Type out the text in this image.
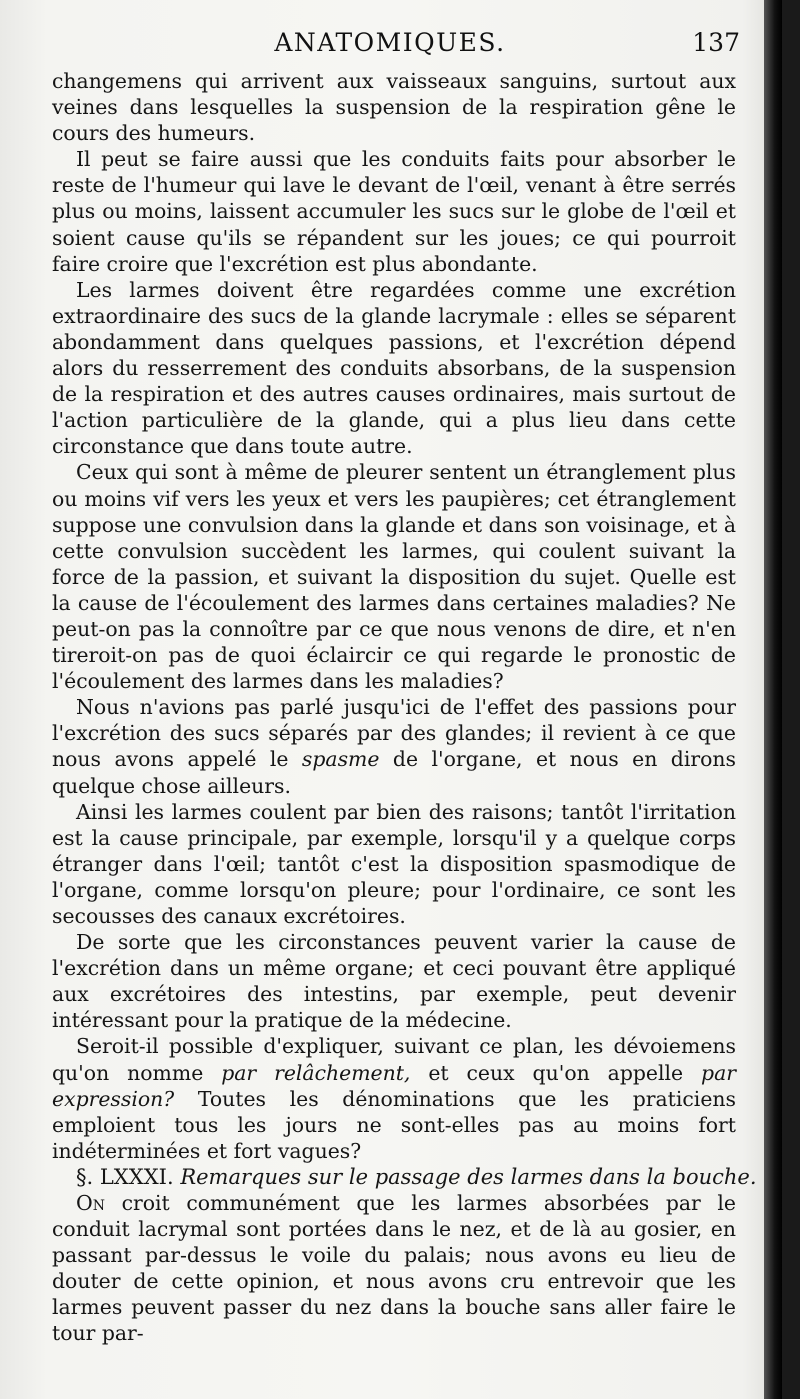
ANATOMIQUES.	137

changemens qui arrivent aux vaisseaux sanguins, surtout aux veines dans lesquelles la suspension de la respiration gêne le cours des humeurs.

Il peut se faire aussi que les conduits faits pour absorber le reste de l'humeur qui lave le devant de l'œil, venant à être serrés plus ou moins, laissent accumuler les sucs sur le globe de l'œil et soient cause qu'ils se répandent sur les joues; ce qui pourroit faire croire que l'excrétion est plus abondante.

Les larmes doivent être regardées comme une excrétion extraordinaire des sucs de la glande lacrymale : elles se séparent abondamment dans quelques passions, et l'excrétion dépend alors du resserrement des conduits absorbans, de la suspension de la respiration et des autres causes ordinaires, mais surtout de l'action particulière de la glande, qui a plus lieu dans cette circonstance que dans toute autre.

Ceux qui sont à même de pleurer sentent un étranglement plus ou moins vif vers les yeux et vers les paupières; cet étranglement suppose une convulsion dans la glande et dans son voisinage, et à cette convulsion succèdent les larmes, qui coulent suivant la force de la passion, et suivant la disposition du sujet. Quelle est la cause de l'écoulement des larmes dans certaines maladies? Ne peut-on pas la connoître par ce que nous venons de dire, et n'en tireroit-on pas de quoi éclaircir ce qui regarde le pronostic de l'écoulement des larmes dans les maladies?

Nous n'avions pas parlé jusqu'ici de l'effet des passions pour l'excrétion des sucs séparés par des glandes; il revient à ce que nous avons appelé le spasme de l'organe, et nous en dirons quelque chose ailleurs.

Ainsi les larmes coulent par bien des raisons; tantôt l'irritation est la cause principale, par exemple, lorsqu'il y a quelque corps étranger dans l'œil; tantôt c'est la disposition spasmodique de l'organe, comme lorsqu'on pleure; pour l'ordinaire, ce sont les secousses des canaux excrétoires.

De sorte que les circonstances peuvent varier la cause de l'excrétion dans un même organe; et ceci pouvant être appliqué aux excrétoires des intestins, par exemple, peut devenir intéressant pour la pratique de la médecine.

Seroit-il possible d'expliquer, suivant ce plan, les dévoiemens qu'on nomme par relâchement, et ceux qu'on appelle par expression? Toutes les dénominations que les praticiens emploient tous les jours ne sont-elles pas au moins fort indéterminées et fort vagues?

§. LXXXI. Remarques sur le passage des larmes dans la bouche.

On croit communément que les larmes absorbées par le conduit lacrymal sont portées dans le nez, et de là au gosier, en passant par-dessus le voile du palais; nous avons eu lieu de douter de cette opinion, et nous avons cru entrevoir que les larmes peuvent passer du nez dans la bouche sans aller faire le tour par-
